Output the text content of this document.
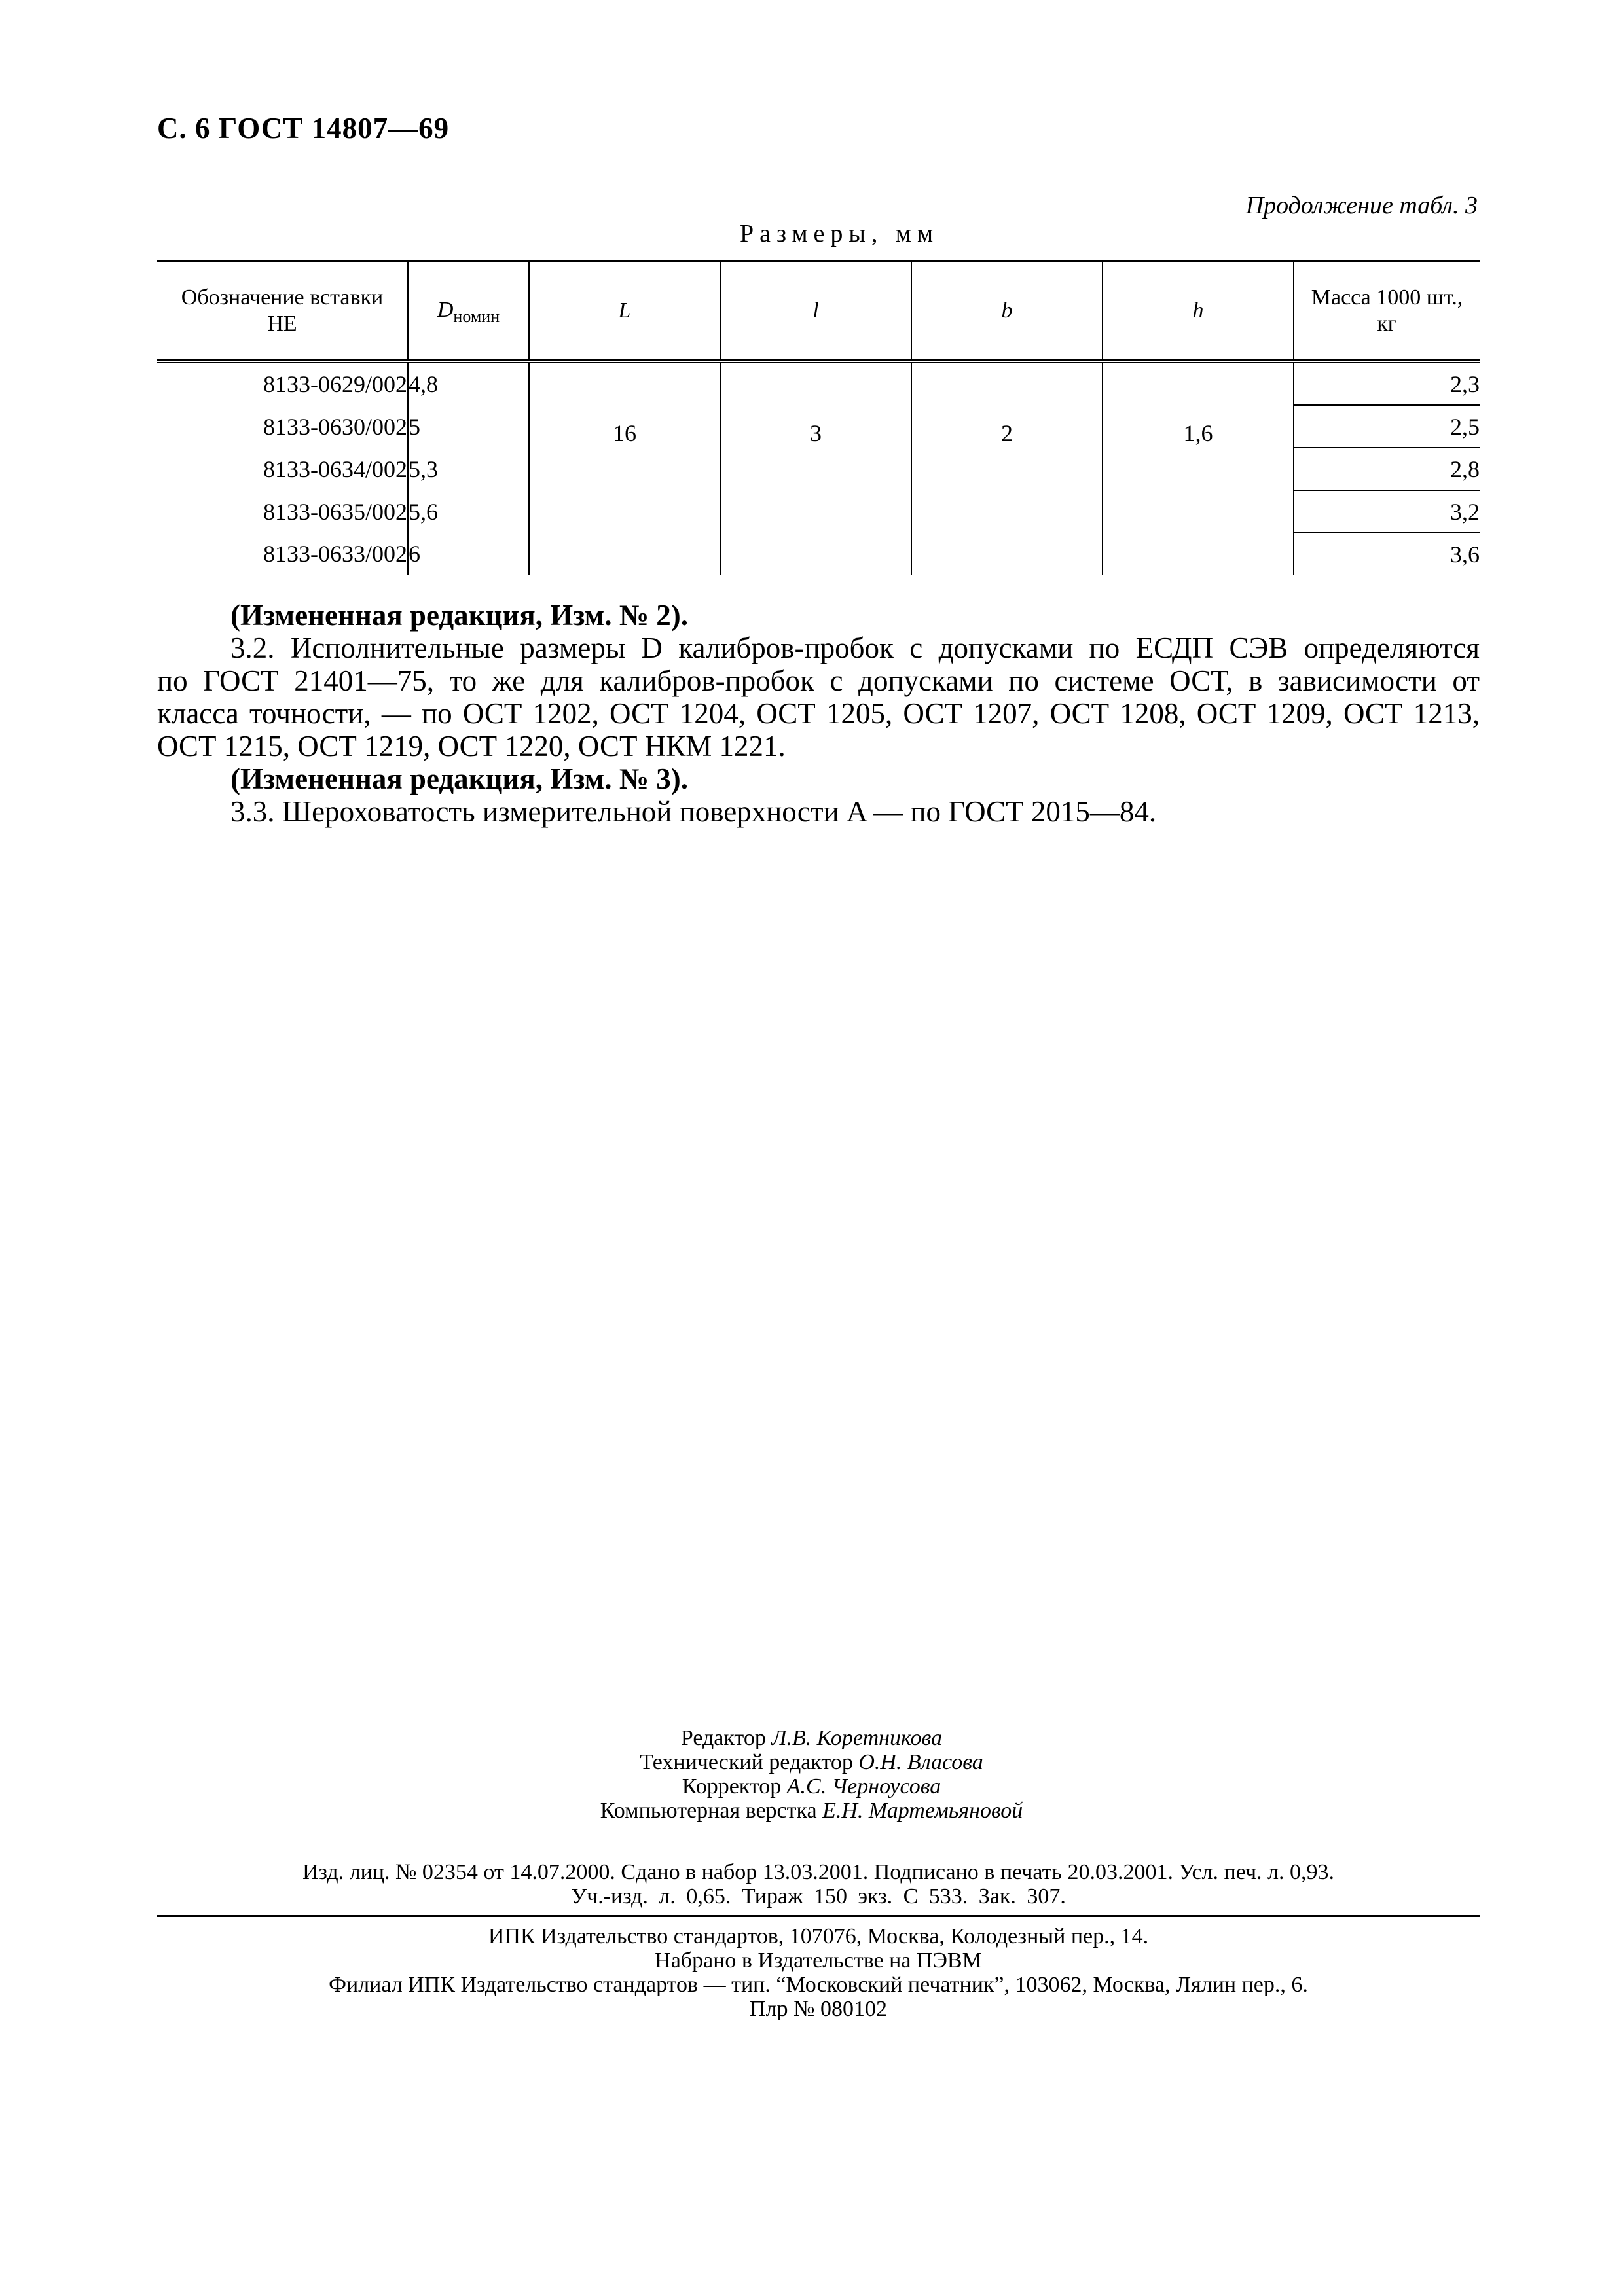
С. 6 ГОСТ 14807—69
Продолжение табл. 3
Размеры, мм
Обозначение вставки НЕ	$D_{номин}$	L	l	b	h	Масса 1000 шт., кг
8133-0629/002	4,8	16	3	2	1,6	2,3
8133-0630/002	5					2,5
8133-0634/002	5,3					2,8
8133-0635/002	5,6					3,2
8133-0633/002	6					3,6
(Измененная редакция, Изм. № 2).
3.2. Исполнительные размеры D калибров-пробок с допусками по ЕСДП СЭВ определяются
по ГОСТ 21401—75, то же для калибров-пробок с допусками по системе ОСТ, в зависимости от
класса точности, — по ОСТ 1202, ОСТ 1204, ОСТ 1205, ОСТ 1207, ОСТ 1208, ОСТ 1209, ОСТ 1213,
ОСТ 1215, ОСТ 1219, ОСТ 1220, ОСТ НКМ 1221.
(Измененная редакция, Изм. № 3).
3.3. Шероховатость измерительной поверхности A — по ГОСТ 2015—84.
Редактор Л.В. Коретникова
Технический редактор О.Н. Власова
Корректор А.С. Черноусова
Компьютерная верстка Е.Н. Мартемьяновой
Изд. лиц. № 02354 от 14.07.2000. Сдано в набор 13.03.2001. Подписано в печать 20.03.2001. Усл. печ. л. 0,93.
Уч.-изд. л. 0,65. Тираж 150 экз. С 533. Зак. 307.
ИПК Издательство стандартов, 107076, Москва, Колодезный пер., 14.
Набрано в Издательстве на ПЭВМ
Филиал ИПК Издательство стандартов — тип. “Московский печатник”, 103062, Москва, Лялин пер., 6.
Плр № 080102
